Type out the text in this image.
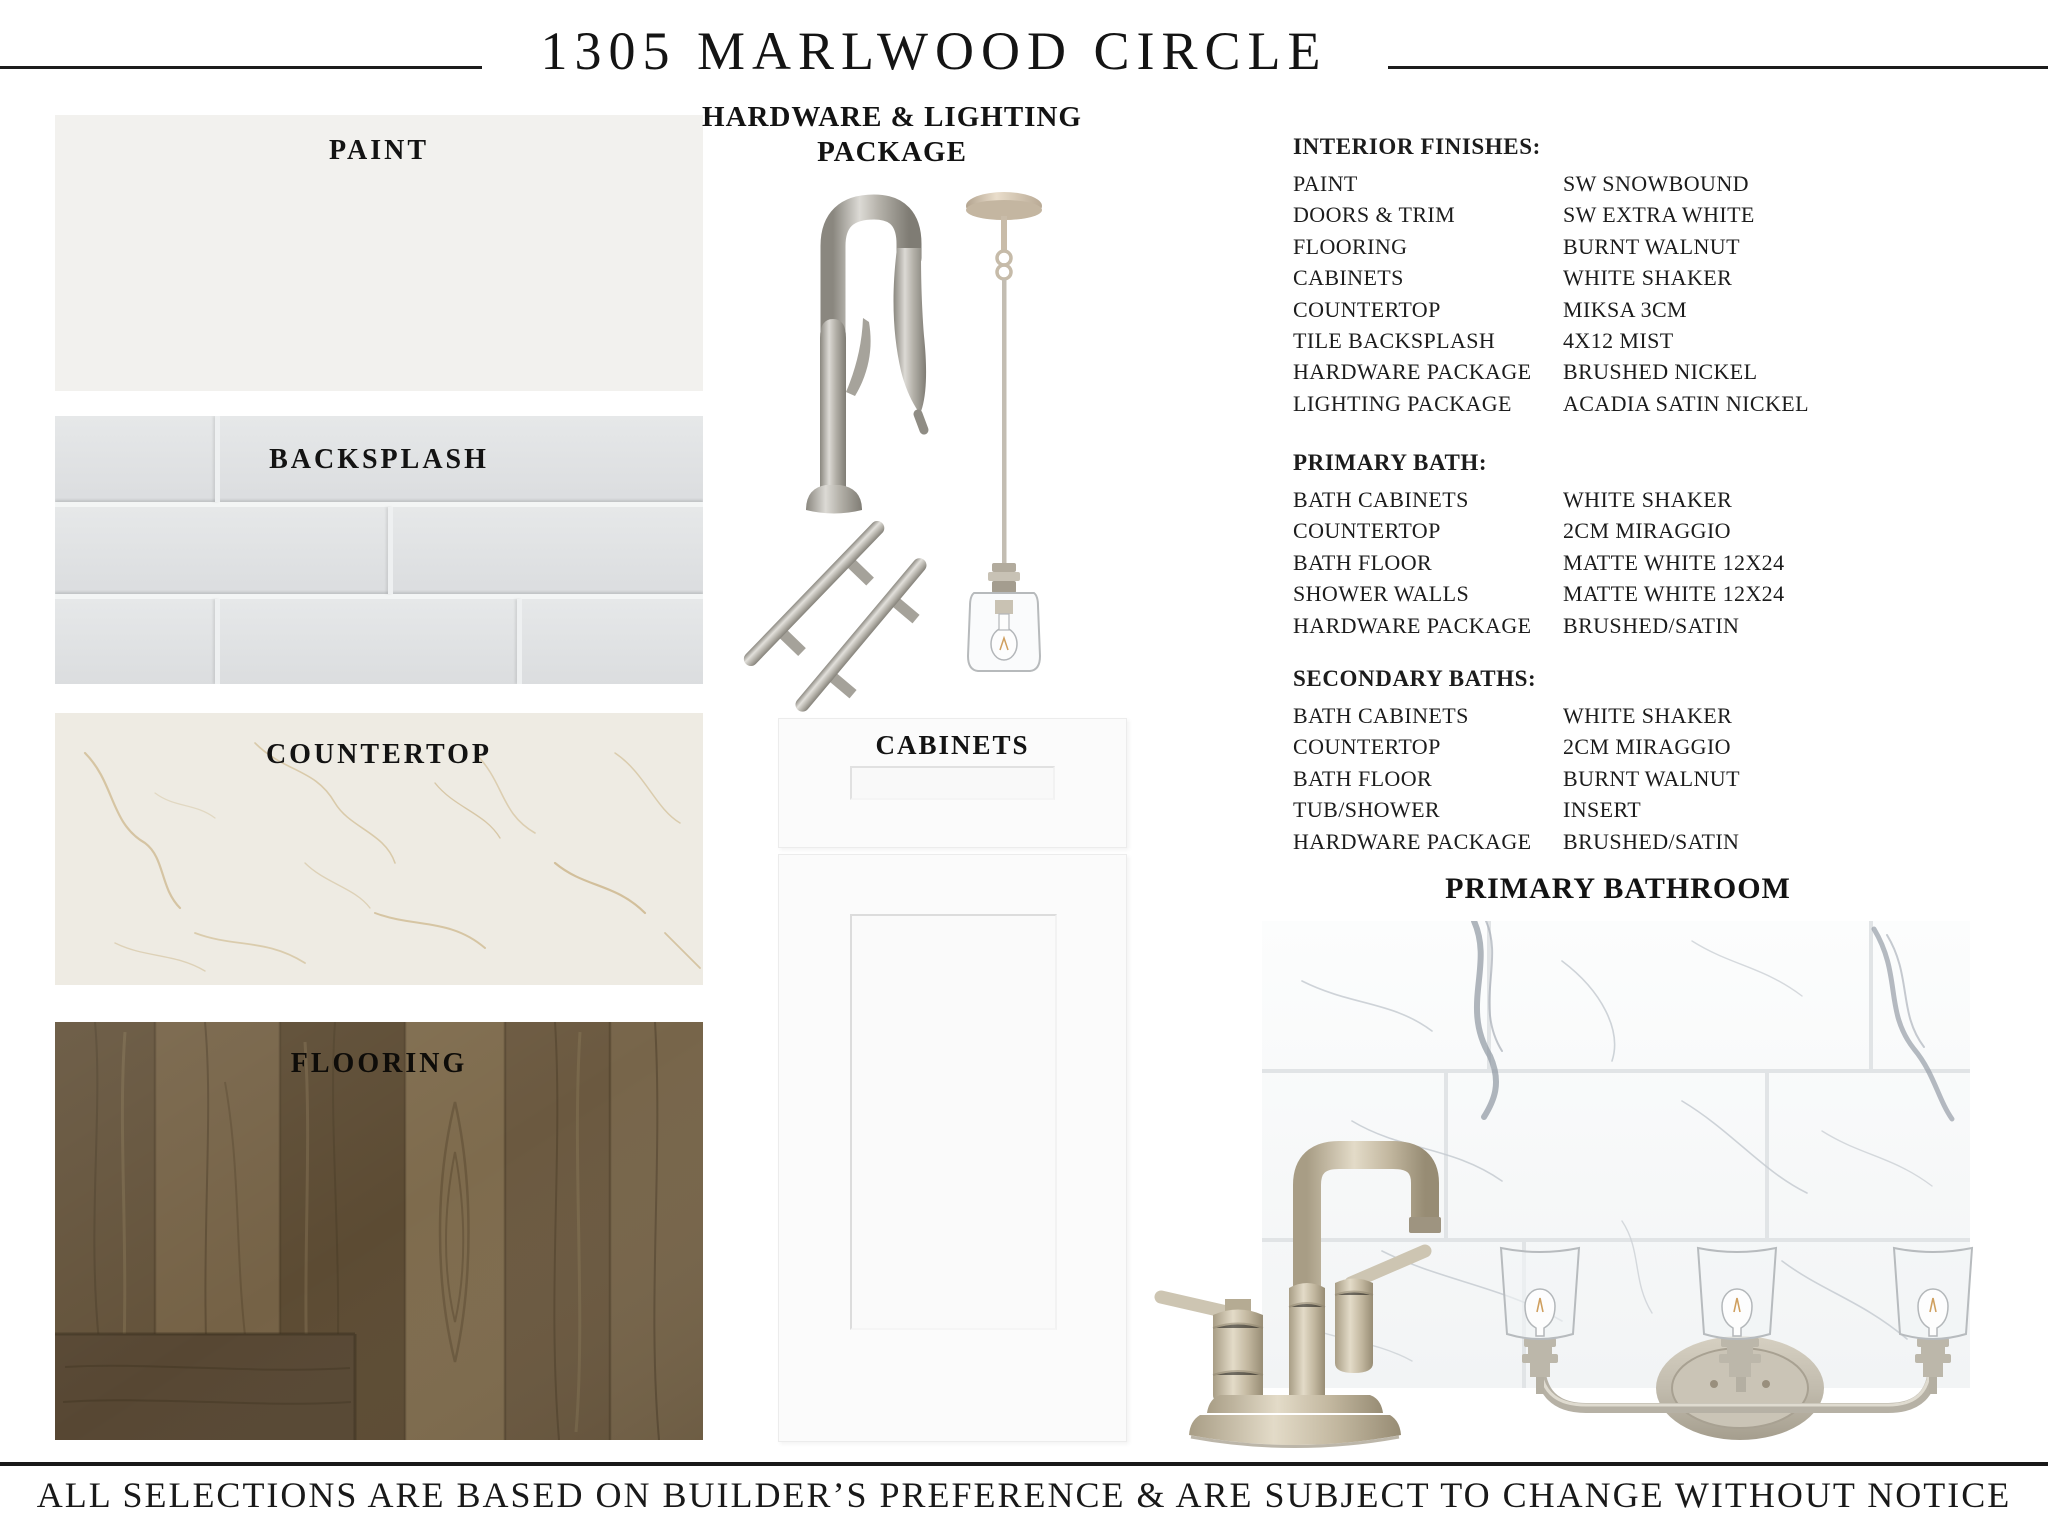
1305 MARLWOOD CIRCLE
PAINT
BACKSPLASH
COUNTERTOP
FLOORING
HARDWARE & LIGHTING
PACKAGE
CABINETS
INTERIOR FINISHES:
PAINT	SW SNOWBOUND
DOORS & TRIM	SW EXTRA WHITE
FLOORING	BURNT WALNUT
CABINETS	WHITE SHAKER
COUNTERTOP	MIKSA 3CM
TILE BACKSPLASH	4X12 MIST
HARDWARE PACKAGE	BRUSHED NICKEL
LIGHTING PACKAGE	ACADIA SATIN NICKEL
PRIMARY BATH:
BATH CABINETS	WHITE SHAKER
COUNTERTOP	2CM MIRAGGIO
BATH FLOOR	MATTE WHITE 12X24
SHOWER WALLS	MATTE WHITE 12X24
HARDWARE PACKAGE	BRUSHED/SATIN
SECONDARY BATHS:
BATH CABINETS	WHITE SHAKER
COUNTERTOP	2CM MIRAGGIO
BATH FLOOR	BURNT WALNUT
TUB/SHOWER	INSERT
HARDWARE PACKAGE	BRUSHED/SATIN
PRIMARY BATHROOM
ALL SELECTIONS ARE BASED ON BUILDER’S PREFERENCE & ARE SUBJECT TO CHANGE WITHOUT NOTICE
